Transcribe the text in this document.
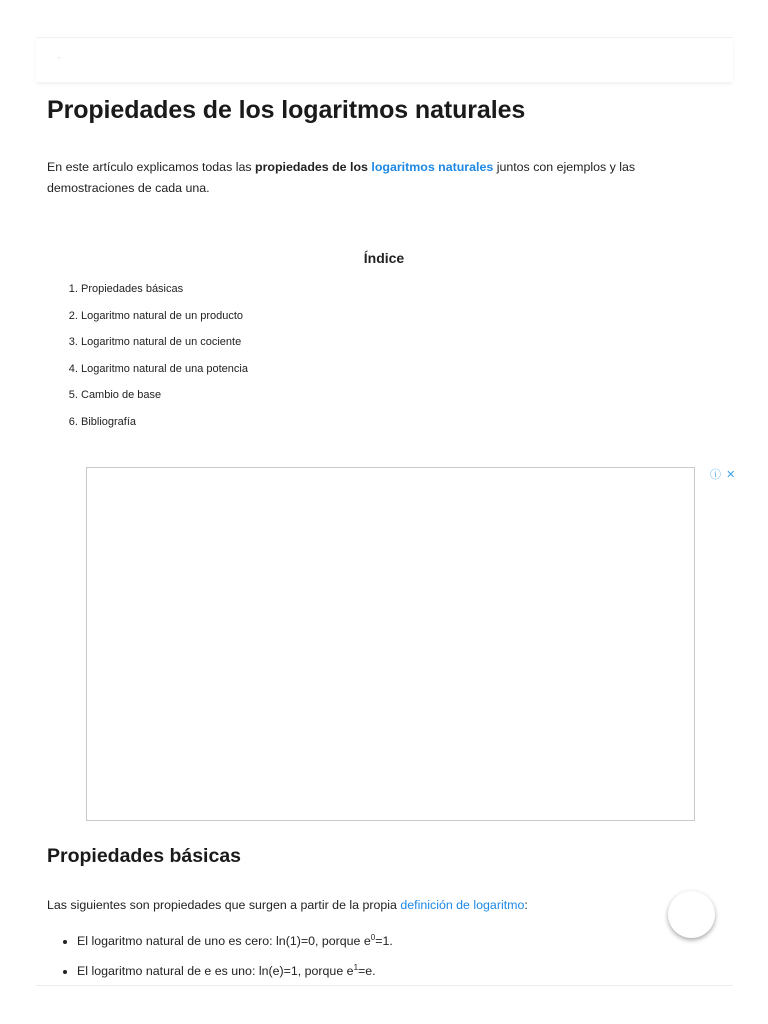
-
Propiedades de los logaritmos naturales

En este artículo explicamos todas las propiedades de los logaritmos naturales juntos con ejemplos y las demostraciones de cada una.

Índice
1. Propiedades básicas
2. Logaritmo natural de un producto
3. Logaritmo natural de un cociente
4. Logaritmo natural de una potencia
5. Cambio de base
6. Bibliografía
ⓘ ✕
Propiedades básicas

Las siguientes son propiedades que surgen a partir de la propia definición de logaritmo:

• El logaritmo natural de uno es cero: ln(1)=0, porque $e^0=1$.
• El logaritmo natural de e es uno: ln(e)=1, porque $e^1=e$.
